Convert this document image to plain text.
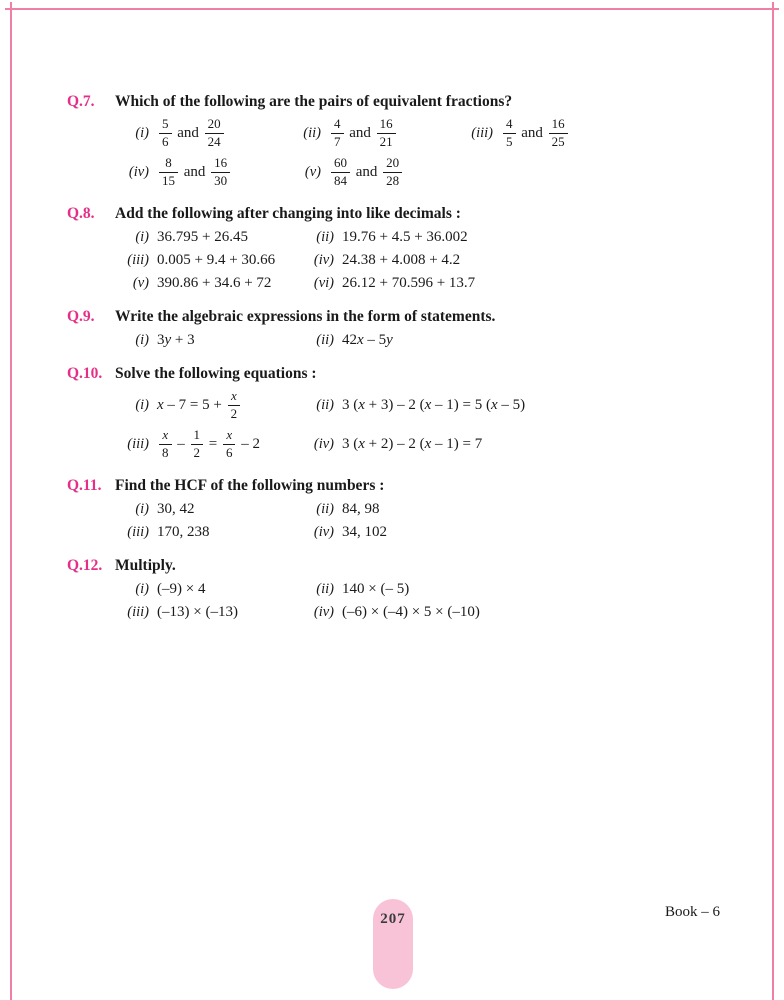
Q.7.	Which of the following are the pairs of equivalent fractions?
$(i) \frac{5}{6}$ and $\frac{20}{24}$	$(ii) \frac{4}{7}$ and $\frac{16}{21}$	$(iii) \frac{4}{5}$ and $\frac{16}{25}$
$(iv) \frac{8}{15}$ and $\frac{16}{30}$	$(v) \frac{60}{84}$ and $\frac{20}{28}$
Q.8.	Add the following after changing into like decimals :
(i) 36.795 + 26.45	(ii) 19.76 + 4.5 + 36.002
(iii) 0.005 + 9.4 + 30.66	(iv) 24.38 + 4.008 + 4.2
(v) 390.86 + 34.6 + 72	(vi) 26.12 + 70.596 + 13.7
Q.9.	Write the algebraic expressions in the form of statements.
(i) 3y + 3	(ii) 42x – 5y
Q.10. Solve the following equations :
(i) $x - 7 = 5 + \frac{x}{2}$	(ii) 3 (x + 3) – 2 (x – 1) = 5 (x – 5)
$(iii) \frac{x}{8} - \frac{1}{2} = \frac{x}{6} - 2$	(iv) 3 (x + 2) – 2 (x – 1) = 7
Q.11. Find the HCF of the following numbers :
(i) 30, 42	(ii) 84, 98
(iii) 170, 238	(iv) 34, 102
Q.12. Multiply.
(i) (–9) × 4	(ii) 140 × (– 5)
(iii) (–13) × (–13)	(iv) (–6) × (–4) × 5 × (–10)
207	Book – 6
